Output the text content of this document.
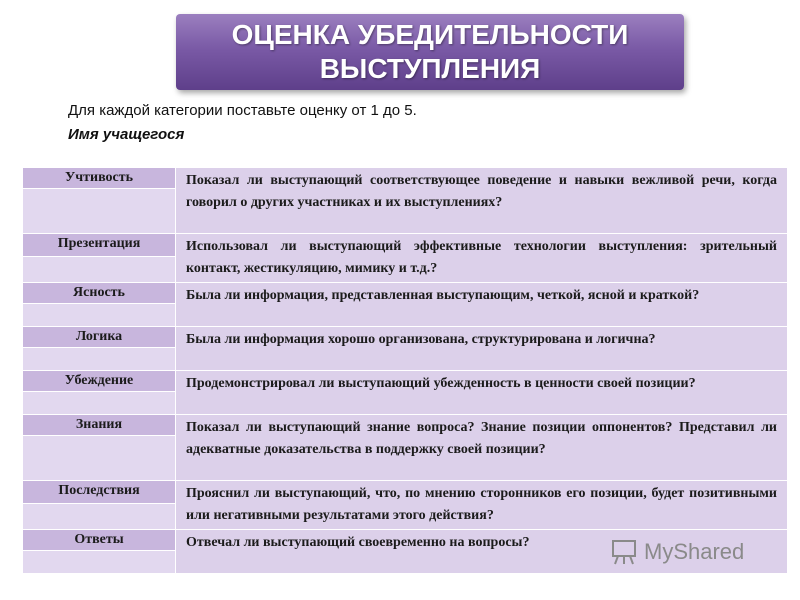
ОЦЕНКА УБЕДИТЕЛЬНОСТИ
ВЫСТУПЛЕНИЯ
Для каждой категории поставьте оценку от 1 до 5.
Имя учащегося
Учтивость	Показал ли выступающий соответствующее поведение и навыки вежливой речи, когда говорил о других участниках и их выступлениях?

Презентация	Использовал ли выступающий эффективные технологии выступления: зрительный контакт, жестикуляцию, мимику и т.д.?

Ясность	Была ли информация, представленная выступающим, четкой, ясной и краткой?

Логика	Была ли информация хорошо организована, структурирована и логична?

Убеждение	Продемонстрировал ли выступающий убежденность в ценности своей позиции?

Знания	Показал ли выступающий знание вопроса? Знание позиции оппонентов? Представил ли адекватные доказательства в поддержку своей позиции?

Последствия	Прояснил ли выступающий, что, по мнению сторонников его позиции, будет позитивными или негативными результатами этого действия?

Ответы	Отвечал ли выступающий своевременно на вопросы?	MyShared
